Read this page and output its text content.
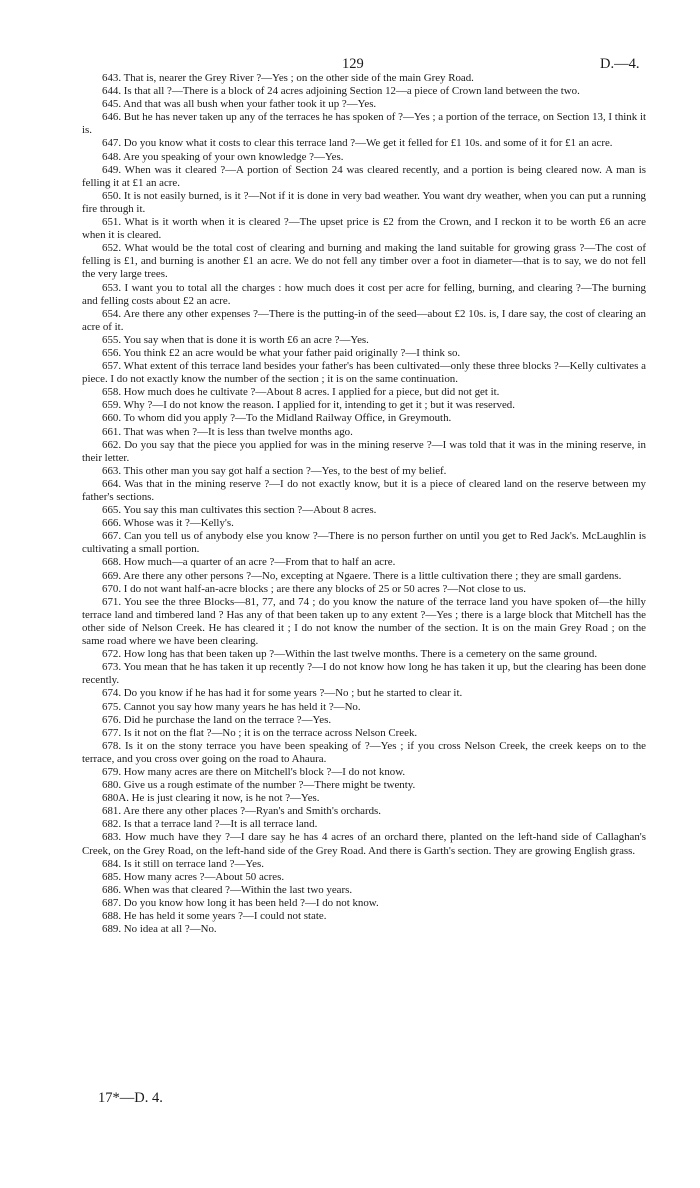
129	D.—4.

643. That is, nearer the Grey River ?—Yes ; on the other side of the main Grey Road.

644. Is that all ?—There is a block of 24 acres adjoining Section 12—a piece of Crown land between the two.

645. And that was all bush when your father took it up ?—Yes.

646. But he has never taken up any of the terraces he has spoken of ?—Yes ; a portion of the terrace, on Section 13, I think it is.

647. Do you know what it costs to clear this terrace land ?—We get it felled for £1 10s. and some of it for £1 an acre.

648. Are you speaking of your own knowledge ?—Yes.

649. When was it cleared ?—A portion of Section 24 was cleared recently, and a portion is being cleared now. A man is felling it at £1 an acre.

650. It is not easily burned, is it ?—Not if it is done in very bad weather. You want dry weather, when you can put a running fire through it.

651. What is it worth when it is cleared ?—The upset price is £2 from the Crown, and I reckon it to be worth £6 an acre when it is cleared.

652. What would be the total cost of clearing and burning and making the land suitable for growing grass ?—The cost of felling is £1, and burning is another £1 an acre. We do not fell any timber over a foot in diameter—that is to say, we do not fell the very large trees.

653. I want you to total all the charges : how much does it cost per acre for felling, burning, and clearing ?—The burning and felling costs about £2 an acre.

654. Are there any other expenses ?—There is the putting-in of the seed—about £2 10s. is, I dare say, the cost of clearing an acre of it.

655. You say when that is done it is worth £6 an acre ?—Yes.

656. You think £2 an acre would be what your father paid originally ?—I think so.

657. What extent of this terrace land besides your father's has been cultivated—only these three blocks ?—Kelly cultivates a piece. I do not exactly know the number of the section ; it is on the same continuation.

658. How much does he cultivate ?—About 8 acres. I applied for a piece, but did not get it.

659. Why ?—I do not know the reason. I applied for it, intending to get it ; but it was reserved.

660. To whom did you apply ?—To the Midland Railway Office, in Greymouth.

661. That was when ?—It is less than twelve months ago.

662. Do you say that the piece you applied for was in the mining reserve ?—I was told that it was in the mining reserve, in their letter.

663. This other man you say got half a section ?—Yes, to the best of my belief.

664. Was that in the mining reserve ?—I do not exactly know, but it is a piece of cleared land on the reserve between my father's sections.

665. You say this man cultivates this section ?—About 8 acres.

666. Whose was it ?—Kelly's.

667. Can you tell us of anybody else you know ?—There is no person further on until you get to Red Jack's. McLaughlin is cultivating a small portion.

668. How much—a quarter of an acre ?—From that to half an acre.

669. Are there any other persons ?—No, excepting at Ngaere. There is a little cultivation there ; they are small gardens.

670. I do not want half-an-acre blocks ; are there any blocks of 25 or 50 acres ?—Not close to us.

671. You see the three Blocks—81, 77, and 74 ; do you know the nature of the terrace land you have spoken of—the hilly terrace land and timbered land ? Has any of that been taken up to any extent ?—Yes ; there is a large block that Mitchell has the other side of Nelson Creek. He has cleared it ; I do not know the number of the section. It is on the main Grey Road ; on the same road where we have been clearing.

672. How long has that been taken up ?—Within the last twelve months. There is a cemetery on the same ground.

673. You mean that he has taken it up recently ?—I do not know how long he has taken it up, but the clearing has been done recently.

674. Do you know if he has had it for some years ?—No ; but he started to clear it.

675. Cannot you say how many years he has held it ?—No.

676. Did he purchase the land on the terrace ?—Yes.

677. Is it not on the flat ?—No ; it is on the terrace across Nelson Creek.

678. Is it on the stony terrace you have been speaking of ?—Yes ; if you cross Nelson Creek, the creek keeps on to the terrace, and you cross over going on the road to Ahaura.

679. How many acres are there on Mitchell's block ?—I do not know.

680. Give us a rough estimate of the number ?—There might be twenty.

680A. He is just clearing it now, is he not ?—Yes.

681. Are there any other places ?—Ryan's and Smith's orchards.

682. Is that a terrace land ?—It is all terrace land.

683. How much have they ?—I dare say he has 4 acres of an orchard there, planted on the left-hand side of Callaghan's Creek, on the Grey Road, on the left-hand side of the Grey Road. And there is Garth's section. They are growing English grass.

684. Is it still on terrace land ?—Yes.

685. How many acres ?—About 50 acres.

686. When was that cleared ?—Within the last two years.

687. Do you know how long it has been held ?—I do not know.

688. He has held it some years ?—I could not state.

689. No idea at all ?—No.

17*—D. 4.
